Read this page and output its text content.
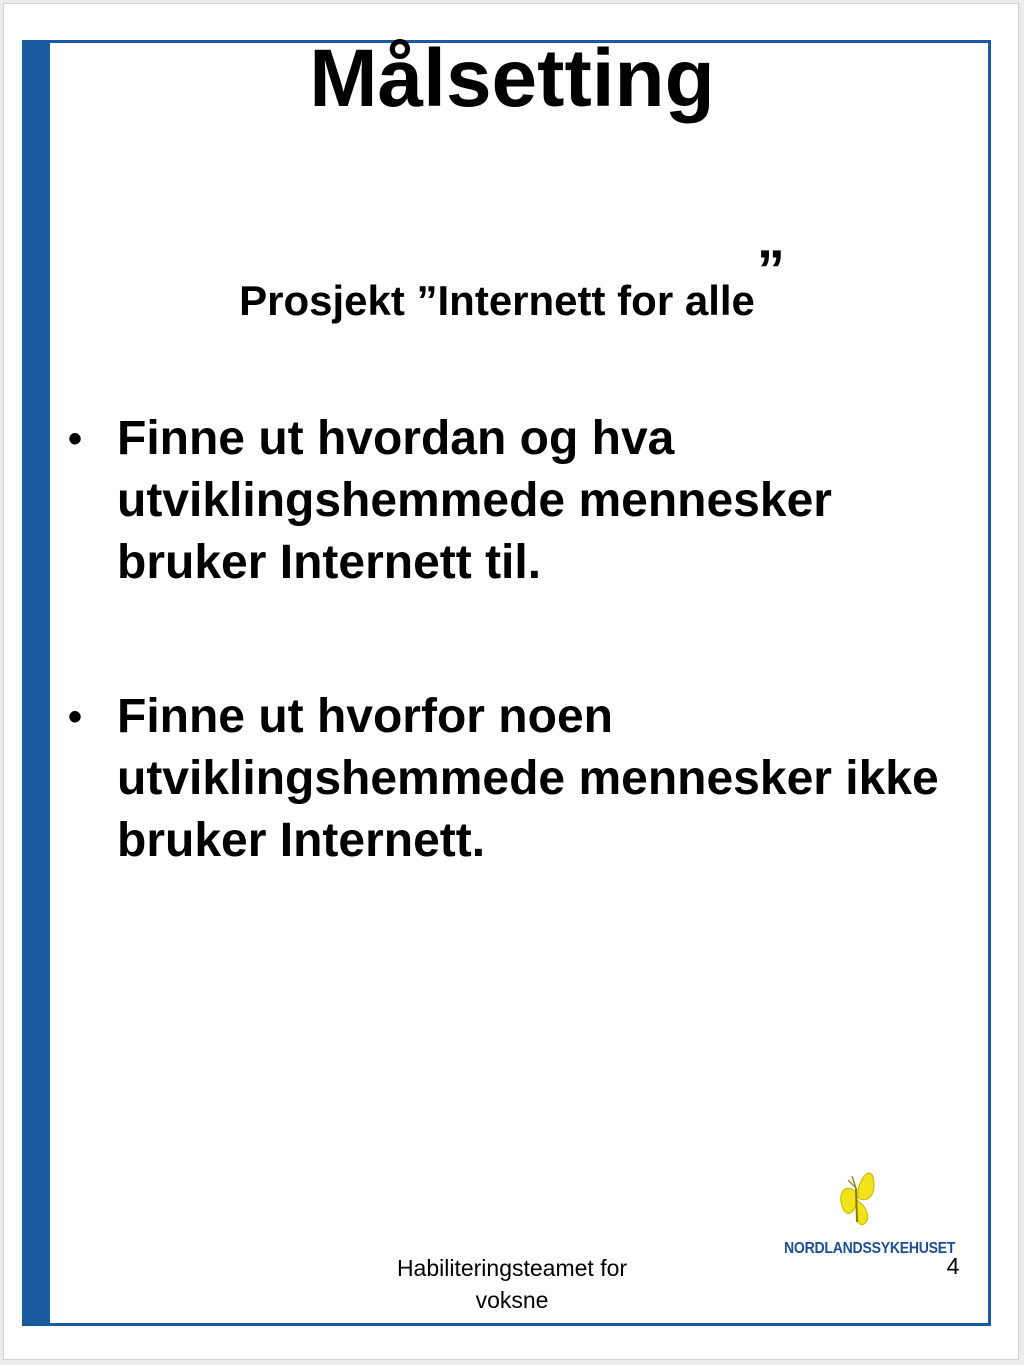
Målsetting
Prosjekt ”Internett for alle”
• Finne ut hvordan og hva utviklingshemmede mennesker bruker Internett til.
• Finne ut hvorfor noen utviklingshemmede mennesker ikke bruker Internett.
NORDLANDSSYKEHUSET
Habiliteringsteamet for
voksne
4
